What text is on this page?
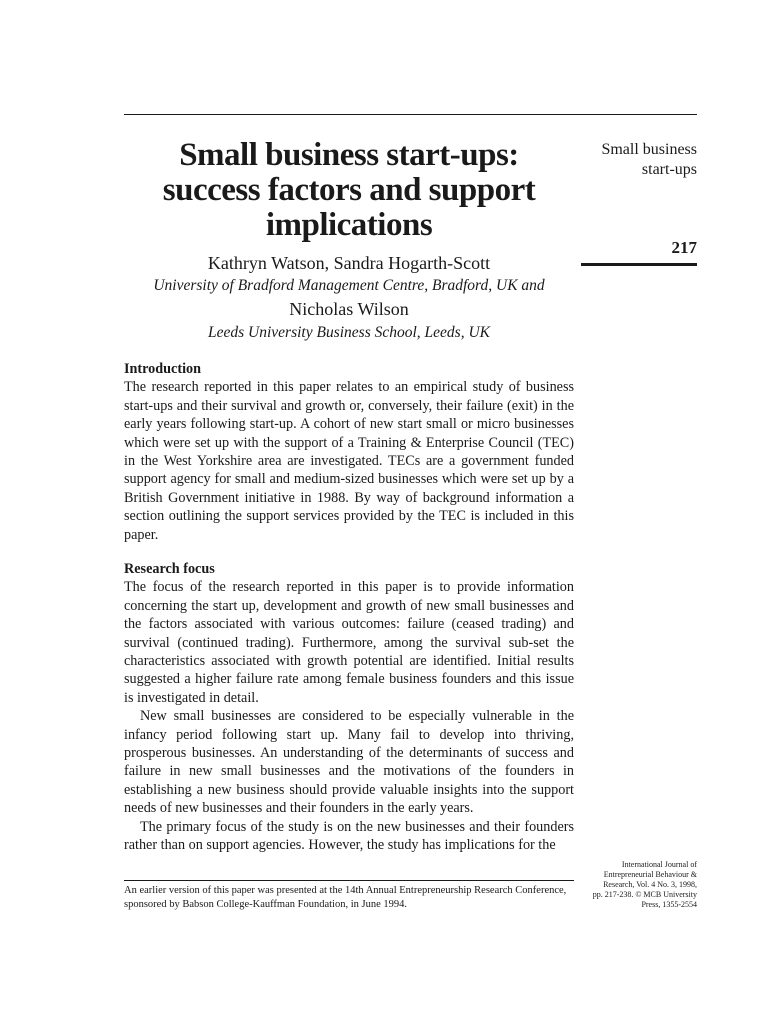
Small business start-ups:
success factors and support
implications
Kathryn Watson, Sandra Hogarth-Scott
University of Bradford Management Centre, Bradford, UK and
Nicholas Wilson
Leeds University Business School, Leeds, UK
Small business
start-ups
217
Introduction

The research reported in this paper relates to an empirical study of business start-ups and their survival and growth or, conversely, their failure (exit) in the early years following start-up. A cohort of new start small or micro businesses which were set up with the support of a Training & Enterprise Council (TEC) in the West Yorkshire area are investigated. TECs are a government funded support agency for small and medium-sized businesses which were set up by a British Government initiative in 1988. By way of background information a section outlining the support services provided by the TEC is included in this paper.

Research focus

The focus of the research reported in this paper is to provide information concerning the start up, development and growth of new small businesses and the factors associated with various outcomes: failure (ceased trading) and survival (continued trading). Furthermore, among the survival sub-set the characteristics associated with growth potential are identified. Initial results suggested a higher failure rate among female business founders and this issue is investigated in detail.

New small businesses are considered to be especially vulnerable in the infancy period following start up. Many fail to develop into thriving, prosperous businesses. An understanding of the determinants of success and failure in new small businesses and the motivations of the founders in establishing a new business should provide valuable insights into the support needs of new businesses and their founders in the early years.

The primary focus of the study is on the new businesses and their founders rather than on support agencies. However, the study has implications for the

International Journal of
Entrepreneurial Behaviour &
Research, Vol. 4 No. 3, 1998,
pp. 217-238. © MCB University
Press, 1355-2554
An earlier version of this paper was presented at the 14th Annual Entrepreneurship Research Conference, sponsored by Babson College-Kauffman Foundation, in June 1994.
